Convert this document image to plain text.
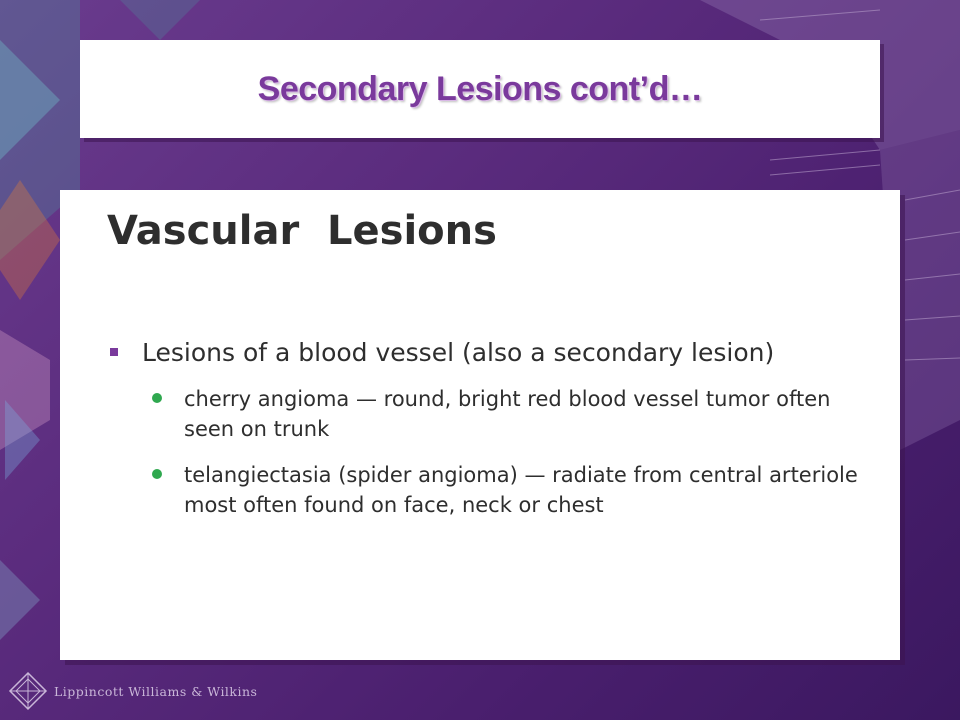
Secondary Lesions cont’d…
Vascular  Lesions
Lesions of a blood vessel (also a secondary lesion)
cherry angioma — round, bright red blood vessel tumor often seen on trunk
telangiectasia (spider angioma) — radiate from central arteriole most often found on face, neck or chest
Lippincott Williams & Wilkins
